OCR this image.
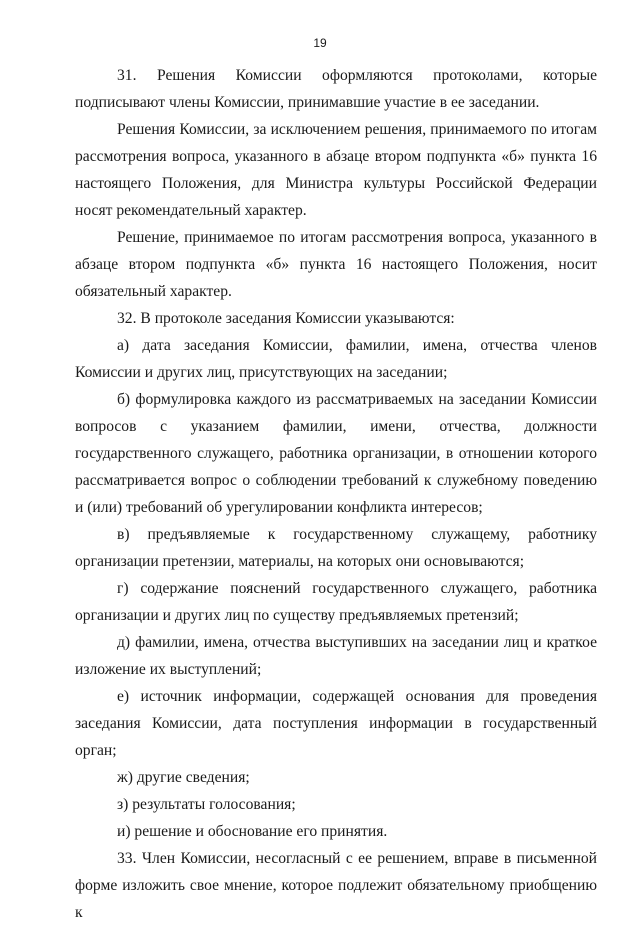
19

31. Решения Комиссии оформляются протоколами, которые подписывают члены Комиссии, принимавшие участие в ее заседании.

Решения Комиссии, за исключением решения, принимаемого по итогам рассмотрения вопроса, указанного в абзаце втором подпункта «б» пункта 16 настоящего Положения, для Министра культуры Российской Федерации носят рекомендательный характер.

Решение, принимаемое по итогам рассмотрения вопроса, указанного в абзаце втором подпункта «б» пункта 16 настоящего Положения, носит обязательный характер.

32. В протоколе заседания Комиссии указываются:

а) дата заседания Комиссии, фамилии, имена, отчества членов Комиссии и других лиц, присутствующих на заседании;

б) формулировка каждого из рассматриваемых на заседании Комиссии вопросов с указанием фамилии, имени, отчества, должности государственного служащего, работника организации, в отношении которого рассматривается вопрос о соблюдении требований к служебному поведению и (или) требований об урегулировании конфликта интересов;

в) предъявляемые к государственному служащему, работнику организации претензии, материалы, на которых они основываются;

г) содержание пояснений государственного служащего, работника организации и других лиц по существу предъявляемых претензий;

д) фамилии, имена, отчества выступивших на заседании лиц и краткое изложение их выступлений;

е) источник информации, содержащей основания для проведения заседания Комиссии, дата поступления информации в государственный орган;

ж) другие сведения;

з) результаты голосования;

и) решение и обоснование его принятия.

33. Член Комиссии, несогласный с ее решением, вправе в письменной форме изложить свое мнение, которое подлежит обязательному приобщению к
